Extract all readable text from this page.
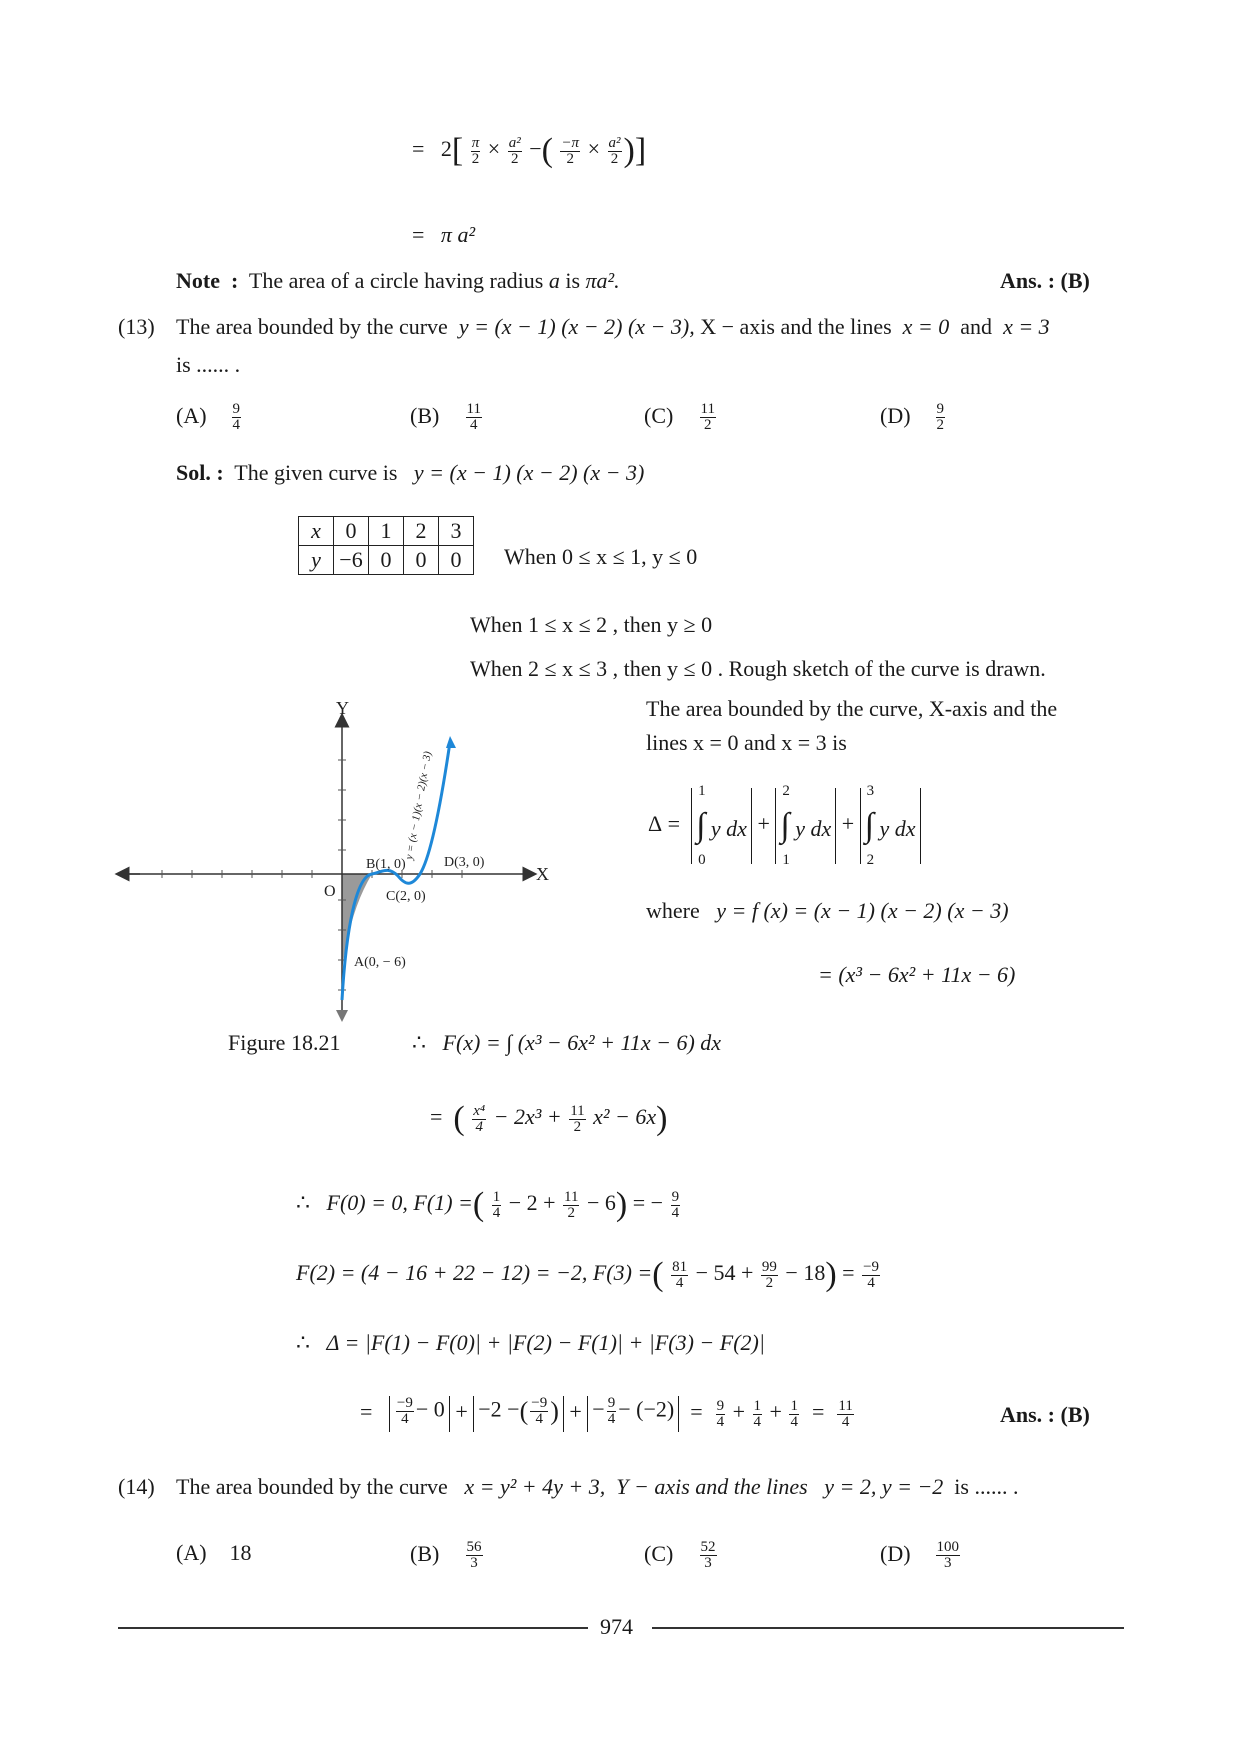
= $2[ \frac{\pi}{2} \times \frac{\text{a²}}{2}$ −( $\frac{-\pi}{2} \times \frac{\text{a²}}{2}$ )]
= π a²
Note : The area of a circle having radius a is πa².	Ans. : (B)
(13) The area bounded by the curve y = (x − 1) (x − 2) (x − 3), X − axis and the lines x = 0 and x = 3
is ...... .
$(A) \frac{9}{4}$	$(B) \frac{11}{4}$	$(C) \frac{11}{2}$	$(D) \frac{9}{2}$
Sol. : The given curve is y = (x − 1) (x − 2) (x − 3)
x	0	1	2	3
y	−6	0	0	0 When 0 ≤ x ≤ 1, y ≤ 0
When 1 ≤ x ≤ 2 , then y ≥ 0
When 2 ≤ x ≤ 3 , then y ≤ 0 . Rough sketch of the curve is drawn.
The area bounded by the curve, X-axis and the
lines x = 0 and x = 3 is
Δ =
1
0
∫ y dx +
2
1
∫ y dx +
3
2
∫ y dx
where y = f (x) = (x − 1) (x − 2) (x − 3)
= (x³ − 6x² + 11x − 6)
Y
X
O
A(0, − 6)
B(1, 0)
C(2, 0)
D(3, 0)
y = (x − 1)(x − 2)(x − 3)
Figure 18.21	∴ F(x) = ∫ (x³ − 6x² + 11x − 6) dx
=  ( $\frac{\text{x⁴}}{4} - 2x^3 + \frac{11}{2} x^2 - 6x$)
∴ F(0) = 0, F(1) =( $\frac{1}{4} - 2 + \frac{11}{2} - 6$) = − $\frac{9}{4}$
F(2) = (4 − 16 + 22 − 12) = −2, F(3) =( $\frac{81}{4} - 54 + \frac{99}{2} - 18) = \frac{-9}{4}$
∴ Δ = |F(1) − F(0)| + |F(2) − F(1)| + |F(3) − F(2)|
= $\frac{-9}{4} - 0 + -2$ −( $\frac{-9}{4}$ ) + − $\frac{9}{4} - (-2) = \frac{9}{4} + \frac{1}{4} + \frac{1}{4} = \frac{11}{4}$	Ans. : (B)
(14) The area bounded by the curve x = y² + 4y + 3, Y − axis and the lines y = 2, y = −2 is ...... .
(A) 18	$(B) \frac{56}{3}$	$(C) \frac{52}{3}$	$(D) \frac{100}{3}$
974
